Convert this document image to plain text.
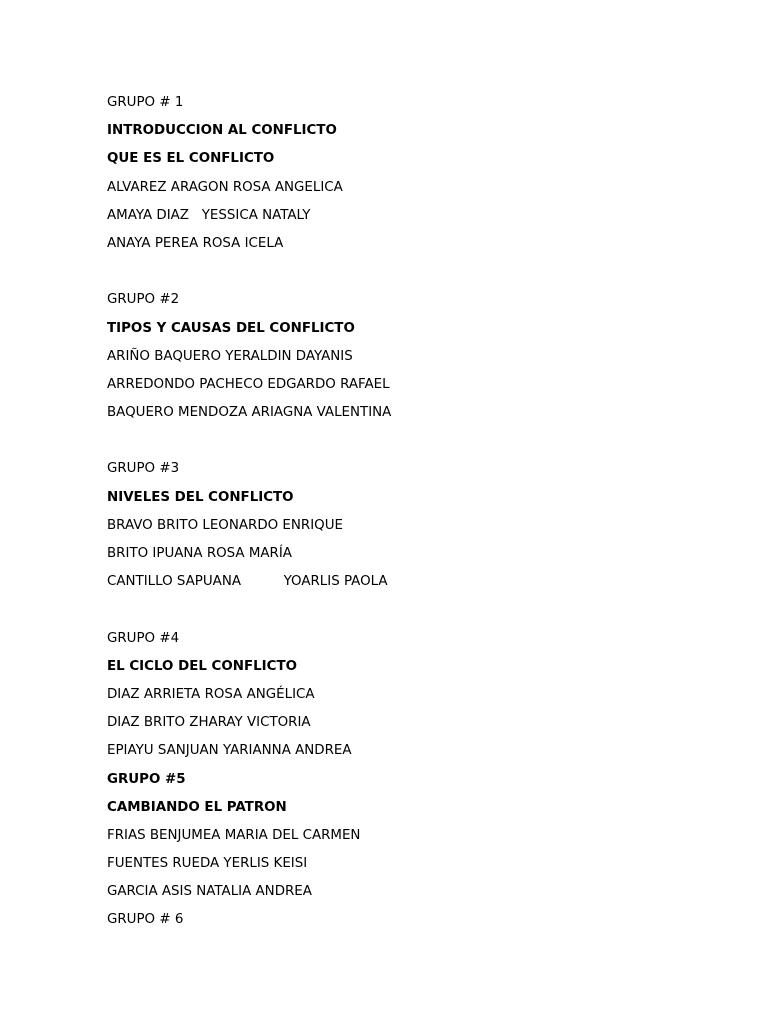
GRUPO # 1
INTRODUCCION AL CONFLICTO
QUE ES EL CONFLICTO
ALVAREZ ARAGON ROSA ANGELICA
AMAYA DIAZ   YESSICA NATALY
ANAYA PEREA ROSA ICELA
GRUPO #2
TIPOS Y CAUSAS DEL CONFLICTO
ARIÑO BAQUERO YERALDIN DAYANIS
ARREDONDO PACHECO EDGARDO RAFAEL
BAQUERO MENDOZA ARIAGNA VALENTINA
GRUPO #3
NIVELES DEL CONFLICTO
BRAVO BRITO LEONARDO ENRIQUE
BRITO IPUANA ROSA MARÍA
CANTILLO SAPUANA          YOARLIS PAOLA
GRUPO #4
EL CICLO DEL CONFLICTO
DIAZ ARRIETA ROSA ANGÉLICA
DIAZ BRITO ZHARAY VICTORIA
EPIAYU SANJUAN YARIANNA ANDREA
GRUPO #5
CAMBIANDO EL PATRON
FRIAS BENJUMEA MARIA DEL CARMEN
FUENTES RUEDA YERLIS KEISI
GARCIA ASIS NATALIA ANDREA
GRUPO # 6
